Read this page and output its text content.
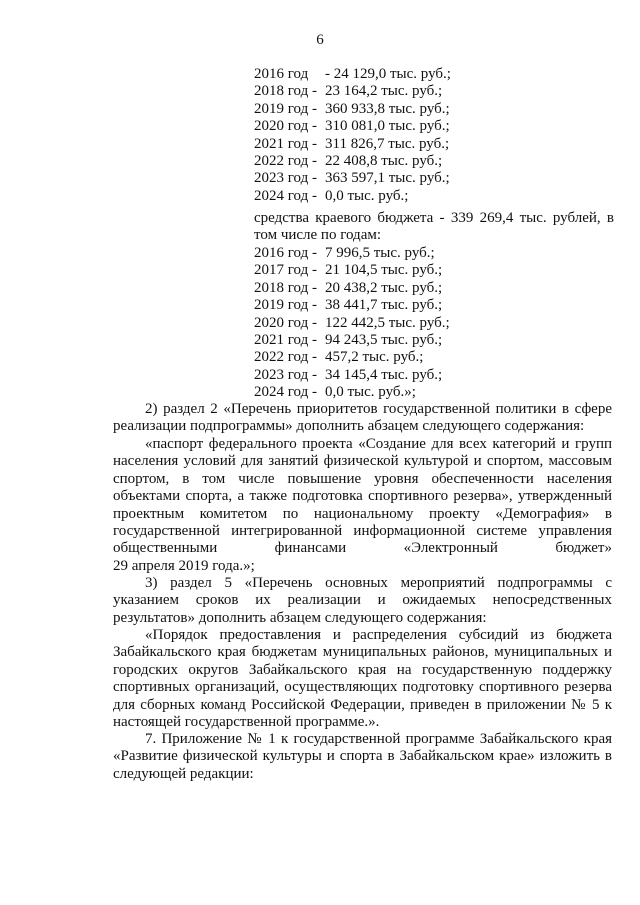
6
2016 год	- 24 129,0 тыс. руб.;
2018 год - 23 164,2 тыс. руб.;
2019 год - 360 933,8 тыс. руб.;
2020 год - 310 081,0 тыс. руб.;
2021 год - 311 826,7 тыс. руб.;
2022 год - 22 408,8 тыс. руб.;
2023 год - 363 597,1 тыс. руб.;
2024 год - 0,0 тыс. руб.;
средства краевого бюджета - 339 269,4 тыс. рублей, в том числе по годам:
2016 год - 7 996,5 тыс. руб.;
2017 год - 21 104,5 тыс. руб.;
2018 год - 20 438,2 тыс. руб.;
2019 год - 38 441,7 тыс. руб.;
2020 год - 122 442,5 тыс. руб.;
2021 год - 94 243,5 тыс. руб.;
2022 год - 457,2 тыс. руб.;
2023 год - 34 145,4 тыс. руб.;
2024 год - 0,0 тыс. руб.»;
2) раздел 2 «Перечень приоритетов государственной политики в сфере реализации подпрограммы» дополнить абзацем следующего содержания:
«паспорт федерального проекта «Создание для всех категорий и групп населения условий для занятий физической культурой и спортом, массовым спортом, в том числе повышение уровня обеспеченности населения объектами спорта, а также подготовка спортивного резерва», утвержденный проектным комитетом по национальному проекту «Демография» в государственной интегрированной информационной системе управления общественными финансами «Электронный бюджет»
29 апреля 2019 года.»;
3) раздел 5 «Перечень основных мероприятий подпрограммы с указанием сроков их реализации и ожидаемых непосредственных результатов» дополнить абзацем следующего содержания:
«Порядок предоставления и распределения субсидий из бюджета Забайкальского края бюджетам муниципальных районов, муниципальных и городских округов Забайкальского края на государственную поддержку спортивных организаций, осуществляющих подготовку спортивного резерва для сборных команд Российской Федерации, приведен в приложении № 5 к настоящей государственной программе.».
7. Приложение № 1 к государственной программе Забайкальского края «Развитие физической культуры и спорта в Забайкальском крае» изложить в следующей редакции:
